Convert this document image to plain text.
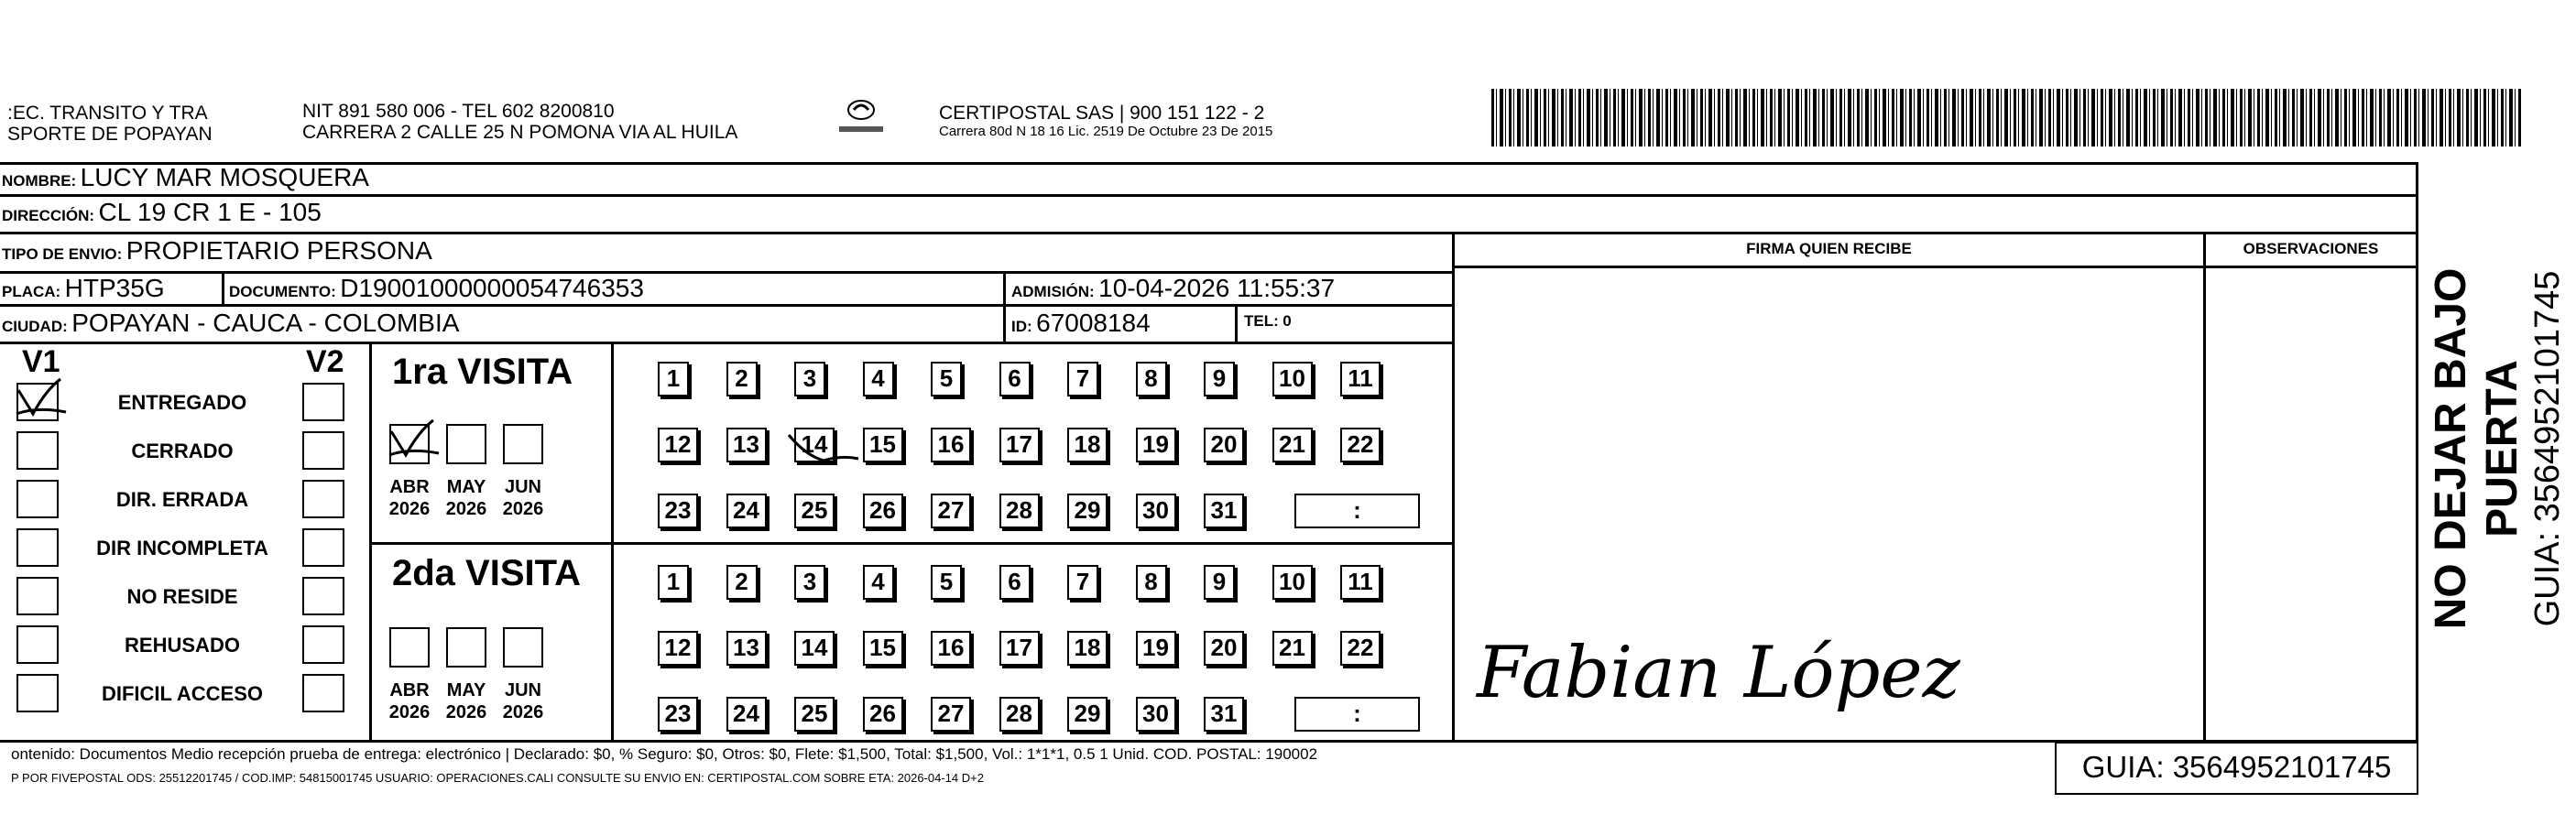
:EC. TRANSITO Y TRA
SPORTE DE POPAYAN
NIT 891 580 006 - TEL 602 8200810
CARRERA 2 CALLE 25 N POMONA VIA AL HUILA
CERTIPOSTAL SAS | 900 151 122 - 2
Carrera 80d N 18 16 Lic. 2519 De Octubre 23 De 2015
NOMBRE: LUCY MAR MOSQUERA
DIRECCIÓN: CL 19 CR 1 E - 105
TIPO DE ENVIO: PROPIETARIO PERSONA
PLACA: HTP35G	DOCUMENTO: D19001000000054746353	ADMISIÓN: 10-04-2026 11:55:37
CIUDAD: POPAYAN - CAUCA - COLOMBIA	ID: 67008184	TEL: 0
FIRMA QUIEN RECIBE	OBSERVACIONES
Fabian López
NO DEJAR BAJO PUERTA GUIA: 3564952101745
V1	V2
ENTREGADO
CERRADO
DIR. ERRADA
DIR INCOMPLETA
NO RESIDE
REHUSADO
DIFICIL ACCESO
1ra VISITA
2da VISITA
ABR
2026
MAY
2026
JUN
2026
1	2	3	4	5	6	7	8	9	10	11
12 13 14 15 16 17 18 19 20 21 22
23 24 25 26 27 28 29 30 31	:
ABR
2026
MAY
2026
JUN
2026
1	2	3	4	5	6	7	8	9	10	11
12 13 14 15 16 17 18 19 20 21 22
23 24 25 26 27 28 29 30 31	:
ontenido: Documentos Medio recepción prueba de entrega: electrónico | Declarado: $0, % Seguro: $0, Otros: $0, Flete: $1,500, Total: $1,500, Vol.: 1*1*1, 0.5 1 Unid. COD. POSTAL: 190002
P POR FIVEPOSTAL ODS: 25512201745 / COD.IMP: 54815001745 USUARIO: OPERACIONES.CALI CONSULTE SU ENVIO EN: CERTIPOSTAL.COM SOBRE ETA: 2026-04-14 D+2	GUIA: 3564952101745
